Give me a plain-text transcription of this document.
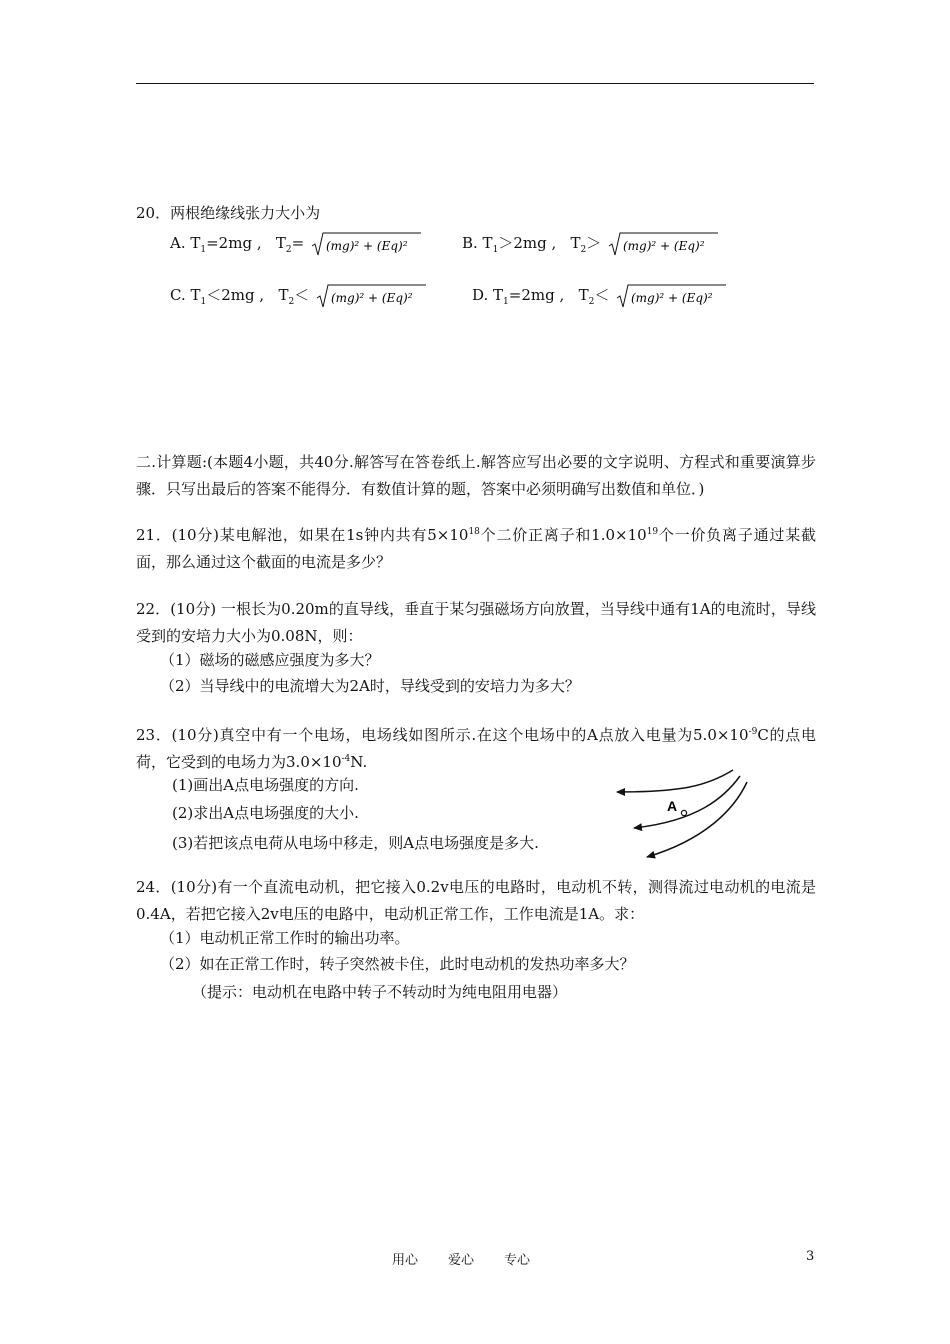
20．两根绝缘线张力大小为
A. $T_1=2mg$ , $T_2= (mg)^2 + (Eq)^2$	B. $T_1>2mg$ , $T_2> (mg)^2 + (Eq)^2$
C. $T_1<2mg$ , $T_2< (mg)^2 + (Eq)^2$	D. $T_1=2mg$ , $T_2< (mg)^2 + (Eq)^2$
二.计算题:(本题4小题，共40分.解答写在答卷纸上.解答应写出必要的文字说明、方程式和重要演算步骤．只写出最后的答案不能得分．有数值计算的题，答案中必须明确写出数值和单位．)
21．(10分)某电解池，如果在1s钟内共有$5\times 10^{18}$个二价正离子和$1.0\times 10^{19}$个一价负离子通过某截面，那么通过这个截面的电流是多少？
22．(10分) 一根长为0.20m的直导线，垂直于某匀强磁场方向放置，当导线中通有1A的电流时，导线受到的安培力大小为0.08N，则：
（1）磁场的磁感应强度为多大？
（2）当导线中的电流增大为2A时，导线受到的安培力为多大？
23．(10分)真空中有一个电场，电场线如图所示.在这个电场中的A点放入电量为$5.0\times 10^{-9}C$的点电荷，它受到的电场力为$3.0\times 10^{-4}N$.
(1)画出A点电场强度的方向.
(2)求出A点电场强度的大小.
(3)若把该点电荷从电场中移走，则A点电场强度是多大.
A
24．(10分)有一个直流电动机，把它接入0.2v电压的电路时，电动机不转，测得流过电动机的电流是0.4A，若把它接入2v电压的电路中，电动机正常工作，工作电流是1A。求：
（1）电动机正常工作时的输出功率。
（2）如在正常工作时，转子突然被卡住，此时电动机的发热功率多大？
（提示：电动机在电路中转子不转动时为纯电阻用电器）
用心 爱心 专心	3
